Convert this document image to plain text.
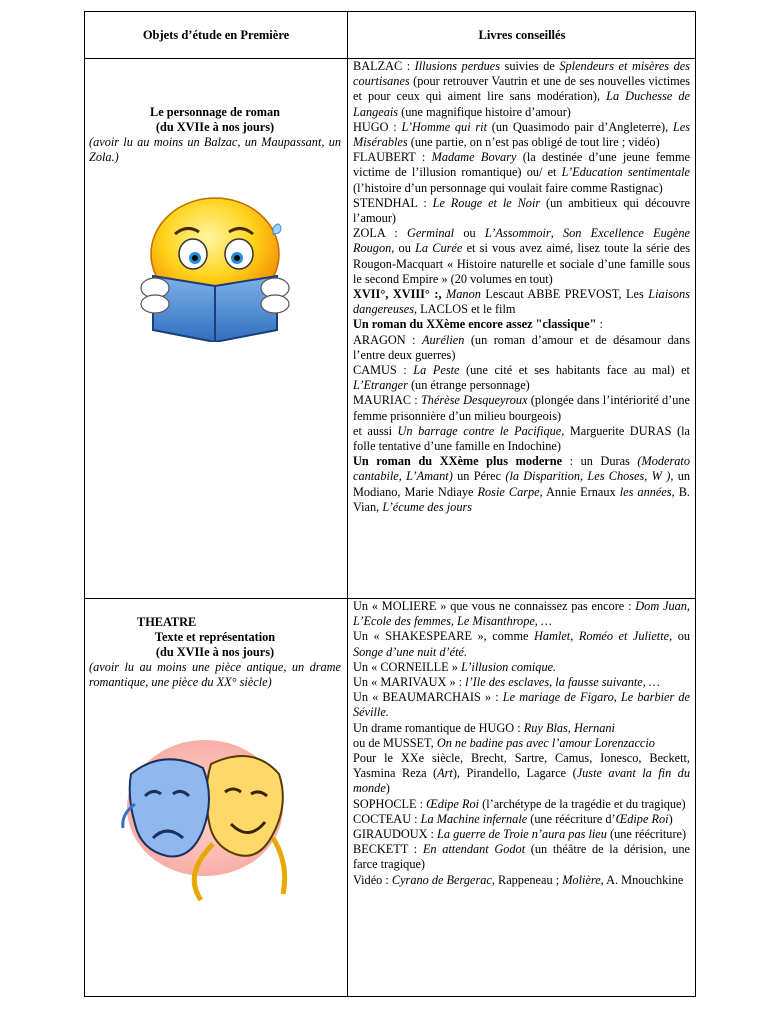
Objets d’étude en Première	Livres conseillés
Le personnage de roman
(du XVIIe à nos jours)
(avoir lu au moins un Balzac, un Maupassant, un Zola.)

BALZAC : Illusions perdues suivies de Splendeurs et misères des courtisanes (pour retrouver Vautrin et une de ses nouvelles victimes et pour ceux qui aiment lire sans modération), La Duchesse de Langeais (une magnifique histoire d’amour)

HUGO : L’Homme qui rit (un Quasimodo pair d’Angleterre), Les Misérables (une partie, on n’est pas obligé de tout lire ; vidéo)

FLAUBERT : Madame Bovary (la destinée d’une jeune femme victime de l’illusion romantique) ou/ et L’Education sentimentale (l’histoire d’un personnage qui voulait faire comme Rastignac)

STENDHAL : Le Rouge et le Noir (un ambitieux qui découvre l’amour)

ZOLA : Germinal ou L’Assommoir, Son Excellence Eugène Rougon, ou La Curée et si vous avez aimé, lisez toute la série des Rougon-Macquart « Histoire naturelle et sociale d’une famille sous le second Empire » (20 volumes en tout)

XVII°, XVIII° :, Manon Lescaut ABBE PREVOST, Les Liaisons dangereuses, LACLOS et le film

Un roman du XXème encore assez "classique" :

ARAGON : Aurélien (un roman d’amour et de désamour dans l’entre deux guerres)

CAMUS : La Peste (une cité et ses habitants face au mal) et L’Etranger (un étrange personnage)

MAURIAC : Thérèse Desqueyroux (plongée dans l’intériorité d’une femme prisonnière d’un milieu bourgeois)

et aussi Un barrage contre le Pacifique, Marguerite DURAS (la folle tentative d’une famille en Indochine)

Un roman du XXème plus moderne : un Duras (Moderato cantabile, L’Amant) un Pérec (la Disparition, Les Choses, W ), un Modiano, Marie Ndiaye Rosie Carpe, Annie Ernaux les années, B. Vian, L’écume des jours

THEATRE
Texte et représentation
(du XVIIe à nos jours)
(avoir lu au moins une pièce antique, un drame romantique, une pièce du XX° siècle)

Un « MOLIERE » que vous ne connaissez pas encore : Dom Juan, L’Ecole des femmes, Le Misanthrope, …

Un « SHAKESPEARE », comme Hamlet, Roméo et Juliette, ou Songe d’une nuit d’été.

Un « CORNEILLE » L’illusion comique.

Un « MARIVAUX » : l’Ile des esclaves, la fausse suivante, …

Un « BEAUMARCHAIS » : Le mariage de Figaro, Le barbier de Séville.

Un drame romantique de HUGO : Ruy Blas, Hernani

ou de MUSSET, On ne badine pas avec l’amour Lorenzaccio

Pour le XXe siècle, Brecht, Sartre, Camus, Ionesco, Beckett, Yasmina Reza (Art), Pirandello, Lagarce (Juste avant la fin du monde)

SOPHOCLE : Œdipe Roi (l’archétype de la tragédie et du tragique)

COCTEAU : La Machine infernale (une réécriture d’Œdipe Roi)

GIRAUDOUX : La guerre de Troie n’aura pas lieu (une réécriture)

BECKETT : En attendant Godot (un théâtre de la dérision, une farce tragique)

Vidéo : Cyrano de Bergerac, Rappeneau ; Molière, A. Mnouchkine
